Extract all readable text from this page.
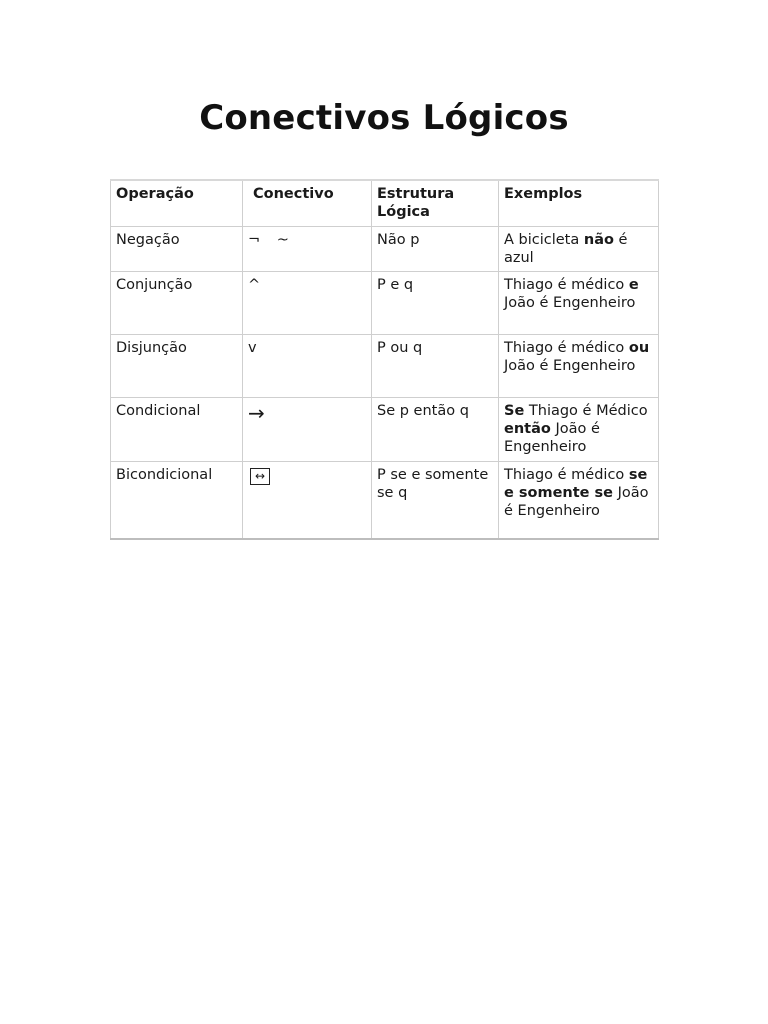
Conectivos Lógicos
Operação	Conectivo	Estrutura Lógica	Exemplos
Negação	¬ ~	Não p	A bicicleta não é azul
Conjunção	^	P e q	Thiago é médico e João é Engenheiro
Disjunção	v	P ou q	Thiago é médico ou João é Engenheiro
Condicional	→	Se p então q	Se Thiago é Médico então João é Engenheiro
Bicondicional	↔	P se e somente se q	Thiago é médico se e somente se João é Engenheiro
